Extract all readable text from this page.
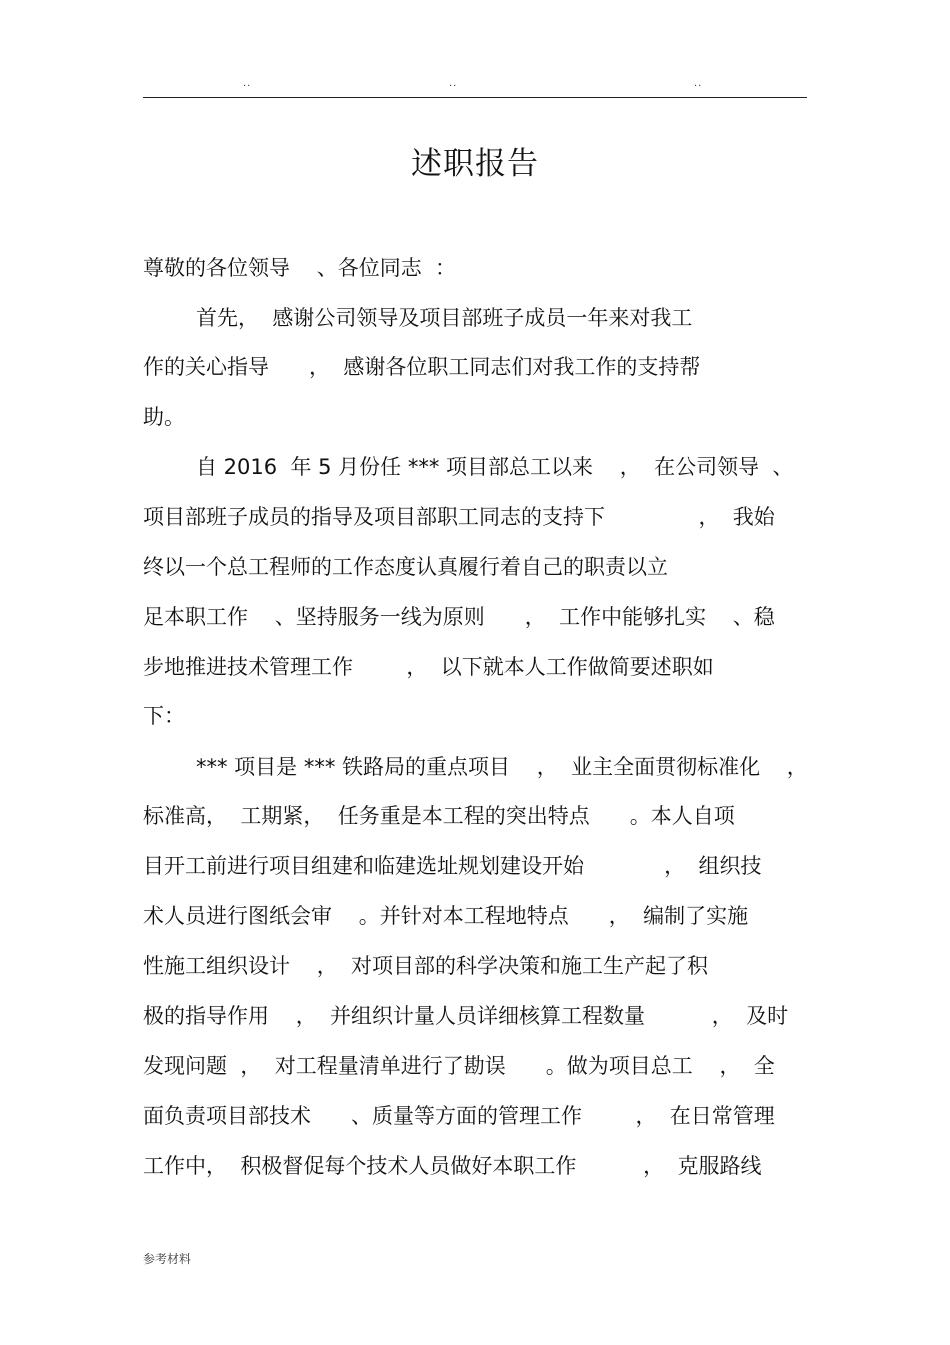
..	..	..
述职报告
尊敬的各位领导    、各位同志  ：
首先，  感谢公司领导及项目部班子成员一年来对我工
作的关心指导      ，  感谢各位职工同志们对我工作的支持帮
助。
自 2016  年 5 月份任 *** 项目部总工以来    ，  在公司领导  、
项目部班子成员的指导及项目部职工同志的支持下              ，  我始
终以一个总工程师的工作态度认真履行着自己的职责以立
足本职工作    、坚持服务一线为原则      ，  工作中能够扎实    、稳
步地推进技术管理工作        ，  以下就本人工作做简要述职如
下：
*** 项目是 *** 铁路局的重点项目    ，  业主全面贯彻标准化    ，
标准高，  工期紧，  任务重是本工程的突出特点      。本人自项
目开工前进行项目组建和临建选址规划建设开始            ，  组织技
术人员进行图纸会审    。并针对本工程地特点      ，  编制了实施
性施工组织设计    ，  对项目部的科学决策和施工生产起了积
极的指导作用    ，  并组织计量人员详细核算工程数量          ，  及时
发现问题  ，  对工程量清单进行了勘误      。做为项目总工    ，  全
面负责项目部技术      、质量等方面的管理工作        ，  在日常管理
工作中，  积极督促每个技术人员做好本职工作          ，  克服路线
参考材料
